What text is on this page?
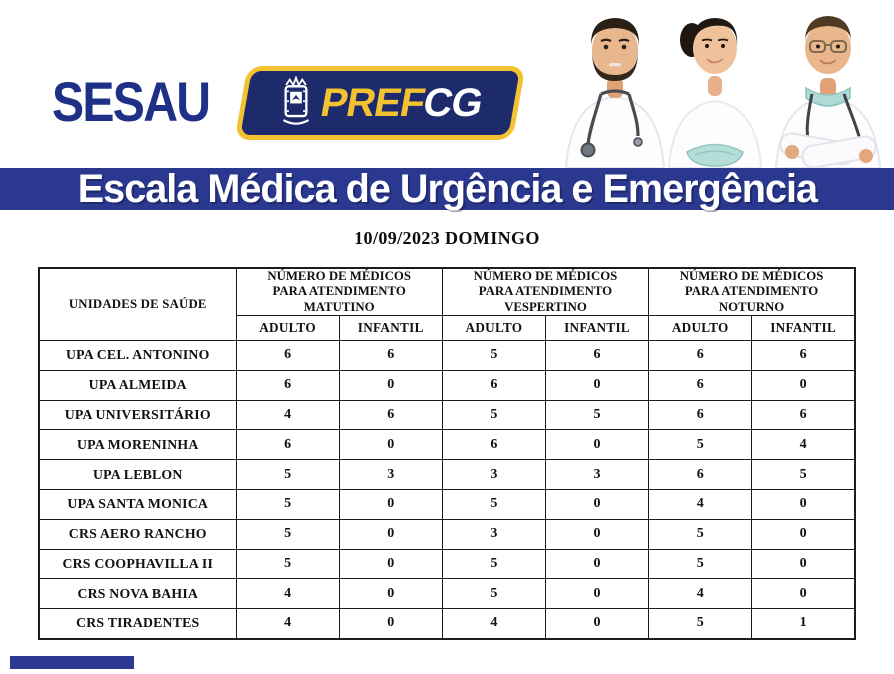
SESAU	PREFCG
Escala Médica de Urgência e Emergência
10/09/2023 DOMINGO
UNIDADES DE SAÚDE	NÚMERO DE MÉDICOS PARA ATENDIMENTO MATUTINO		NÚMERO DE MÉDICOS PARA ATENDIMENTO VESPERTINO		NÚMERO DE MÉDICOS PARA ATENDIMENTO NOTURNO	

	ADULTO	INFANTIL	ADULTO	INFANTIL	ADULTO	INFANTIL
UPA CEL. ANTONINO	6	6	5	6	6	6
UPA ALMEIDA	6	0	6	0	6	0
UPA UNIVERSITÁRIO	4	6	5	5	6	6
UPA MORENINHA	6	0	6	0	5	4
UPA LEBLON	5	3	3	3	6	5
UPA SANTA MONICA	5	0	5	0	4	0
CRS AERO RANCHO	5	0	3	0	5	0
CRS COOPHAVILLA II	5	0	5	0	5	0
CRS NOVA BAHIA	4	0	5	0	4	0
CRS TIRADENTES	4	0	4	0	5	1
